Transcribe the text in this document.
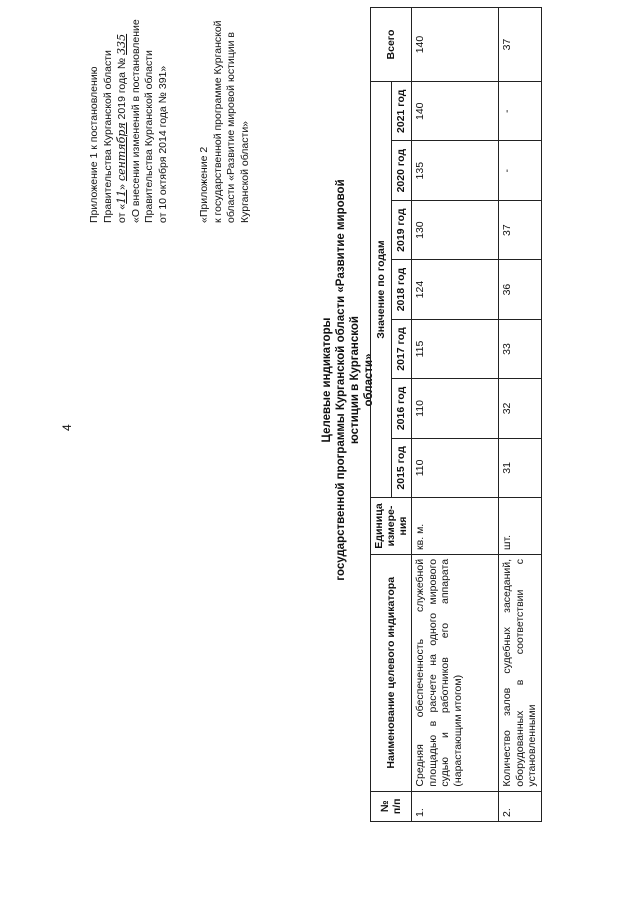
4
Приложение 1 к постановлению Правительства Курганской области от «11» сентября 2019 года № 335 «О внесении изменений в постановление Правительства Курганской области от 10 октября 2014 года № 391»	«Приложение 2 к государственной программе Курганской области «Развитие мировой юстиции в Курганской области»
Целевые индикаторы государственной программы Курганской области «Развитие мировой юстиции в Курганской области»
№ п/п	Наименование целевого индикатора	Единица измере-ния	Значение по годам							Всего
			2015 год	2016 год	2017 год	2018 год	2019 год	2020 год	2021 год	
1.	Средняя обеспеченность служебной площадью в расчете на одного мирового судью и работников его аппарата (нарастающим итогом)	кв. м.	110	110	115	124	130	135	140	140
2.	Количество залов судебных заседаний, оборудованных в соответствии с установленными	шт.	31	32	33	36	37	-	-	37
